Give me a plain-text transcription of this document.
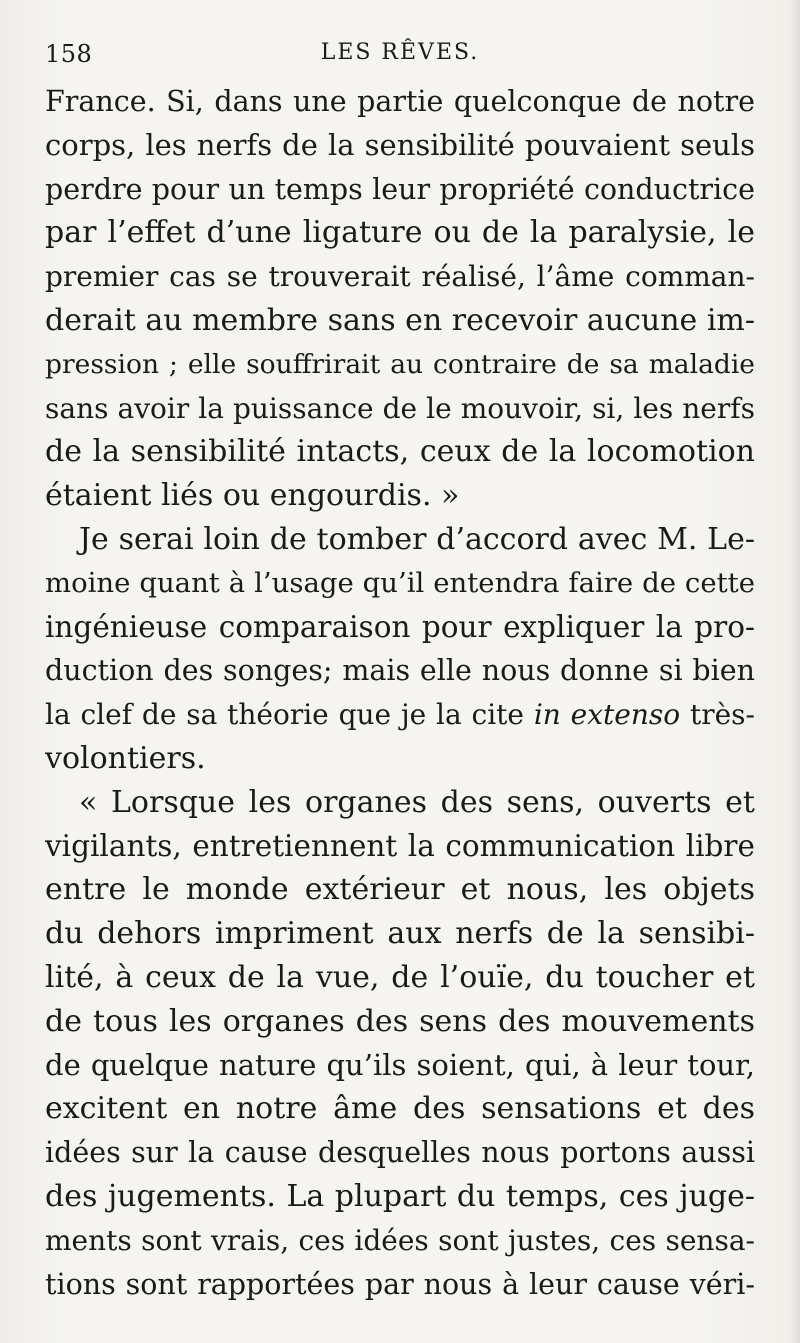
LES RÊVES.
158
France. Si, dans une partie quelconque de notre
corps, les nerfs de la sensibilité pouvaient seuls
perdre pour un temps leur propriété conductrice
par l’effet d’une ligature ou de la paralysie, le
premier cas se trouverait réalisé, l’âme comman-
derait au membre sans en recevoir aucune im-
pression ; elle souffrirait au contraire de sa maladie
sans avoir la puissance de le mouvoir, si, les nerfs
de la sensibilité intacts, ceux de la locomotion
étaient liés ou engourdis. »
Je serai loin de tomber d’accord avec M. Le-
moine quant à l’usage qu’il entendra faire de cette
ingénieuse comparaison pour expliquer la pro-
duction des songes; mais elle nous donne si bien
la clef de sa théorie que je la cite in extenso très-
volontiers.
« Lorsque les organes des sens, ouverts et
vigilants, entretiennent la communication libre
entre le monde extérieur et nous, les objets
du dehors impriment aux nerfs de la sensibi-
lité, à ceux de la vue, de l’ouïe, du toucher et
de tous les organes des sens des mouvements
de quelque nature qu’ils soient, qui, à leur tour,
excitent en notre âme des sensations et des
idées sur la cause desquelles nous portons aussi
des jugements. La plupart du temps, ces juge-
ments sont vrais, ces idées sont justes, ces sensa-
tions sont rapportées par nous à leur cause véri-
